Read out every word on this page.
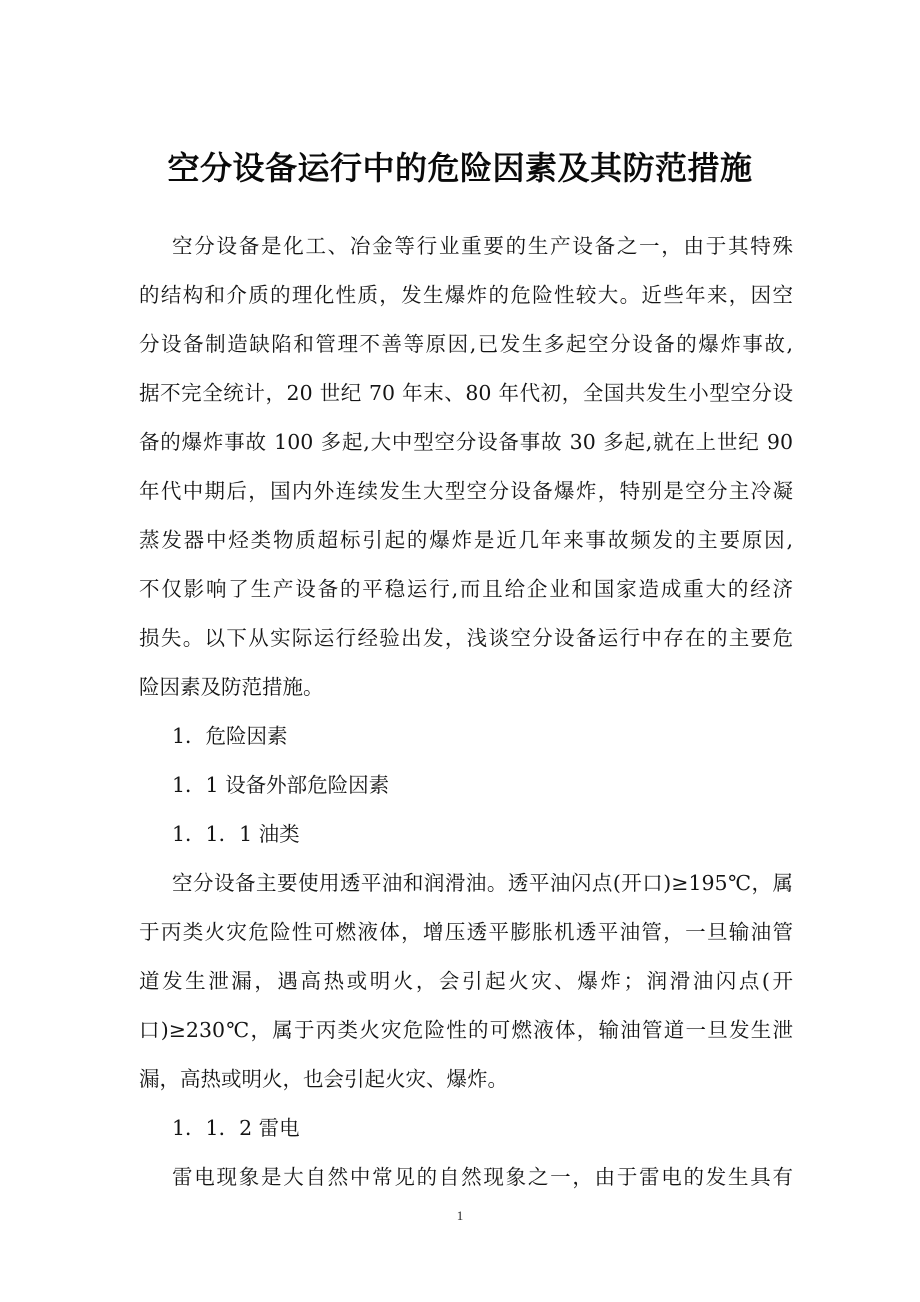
空分设备运行中的危险因素及其防范措施
空分设备是化工、冶金等行业重要的生产设备之一，由于其特殊
的结构和介质的理化性质，发生爆炸的危险性较大。近些年来，因空
分设备制造缺陷和管理不善等原因,已发生多起空分设备的爆炸事故,
据不完全统计，20 世纪 70 年末、80 年代初，全国共发生小型空分设
备的爆炸事故 100 多起,大中型空分设备事故 30 多起,就在上世纪 90
年代中期后，国内外连续发生大型空分设备爆炸，特别是空分主冷凝
蒸发器中烃类物质超标引起的爆炸是近几年来事故频发的主要原因,
不仅影响了生产设备的平稳运行,而且给企业和国家造成重大的经济
损失。以下从实际运行经验出发，浅谈空分设备运行中存在的主要危
险因素及防范措施。
1．危险因素
1．1 设备外部危险因素
1．1．1 油类
空分设备主要使用透平油和润滑油。透平油闪点(开口)≥195℃，属
于丙类火灾危险性可燃液体，增压透平膨胀机透平油管，一旦输油管
道发生泄漏，遇高热或明火，会引起火灾、爆炸；润滑油闪点(开
口)≥230℃，属于丙类火灾危险性的可燃液体，输油管道一旦发生泄
漏，高热或明火，也会引起火灾、爆炸。
1．1．2 雷电
雷电现象是大自然中常见的自然现象之一，由于雷电的发生具有
1
